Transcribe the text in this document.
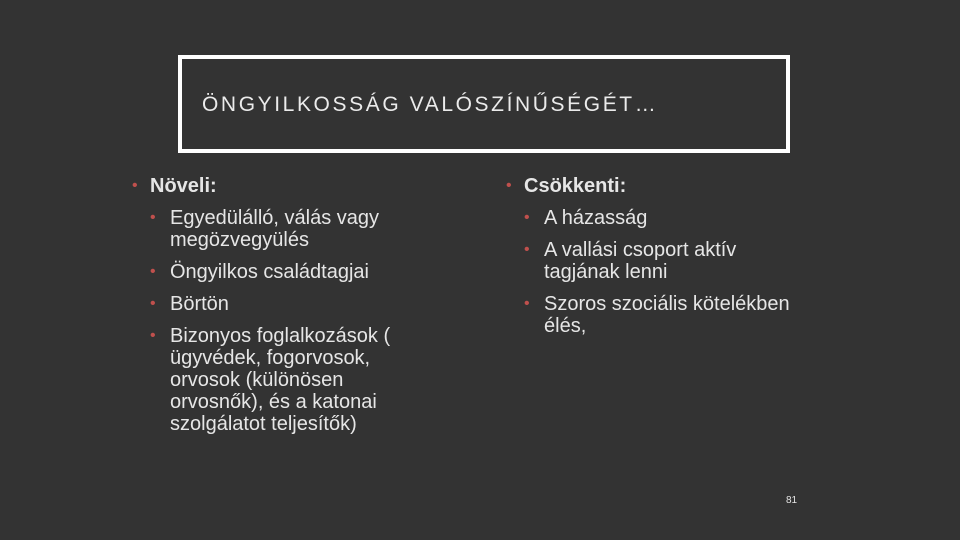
ÖNGYILKOSSÁG VALÓSZÍNŰSÉGÉT…
• Növeli:
• Egyedülálló, válás vagy megözvegyülés
• Öngyilkos családtagjai
• Börtön
• Bizonyos foglalkozások ( ügyvédek, fogorvosok, orvosok (különösen orvosnők), és a katonai szolgálatot teljesítők)
• Csökkenti:
• A házasság
• A vallási csoport aktív tagjának lenni
• Szoros szociális kötelékben élés,
81
